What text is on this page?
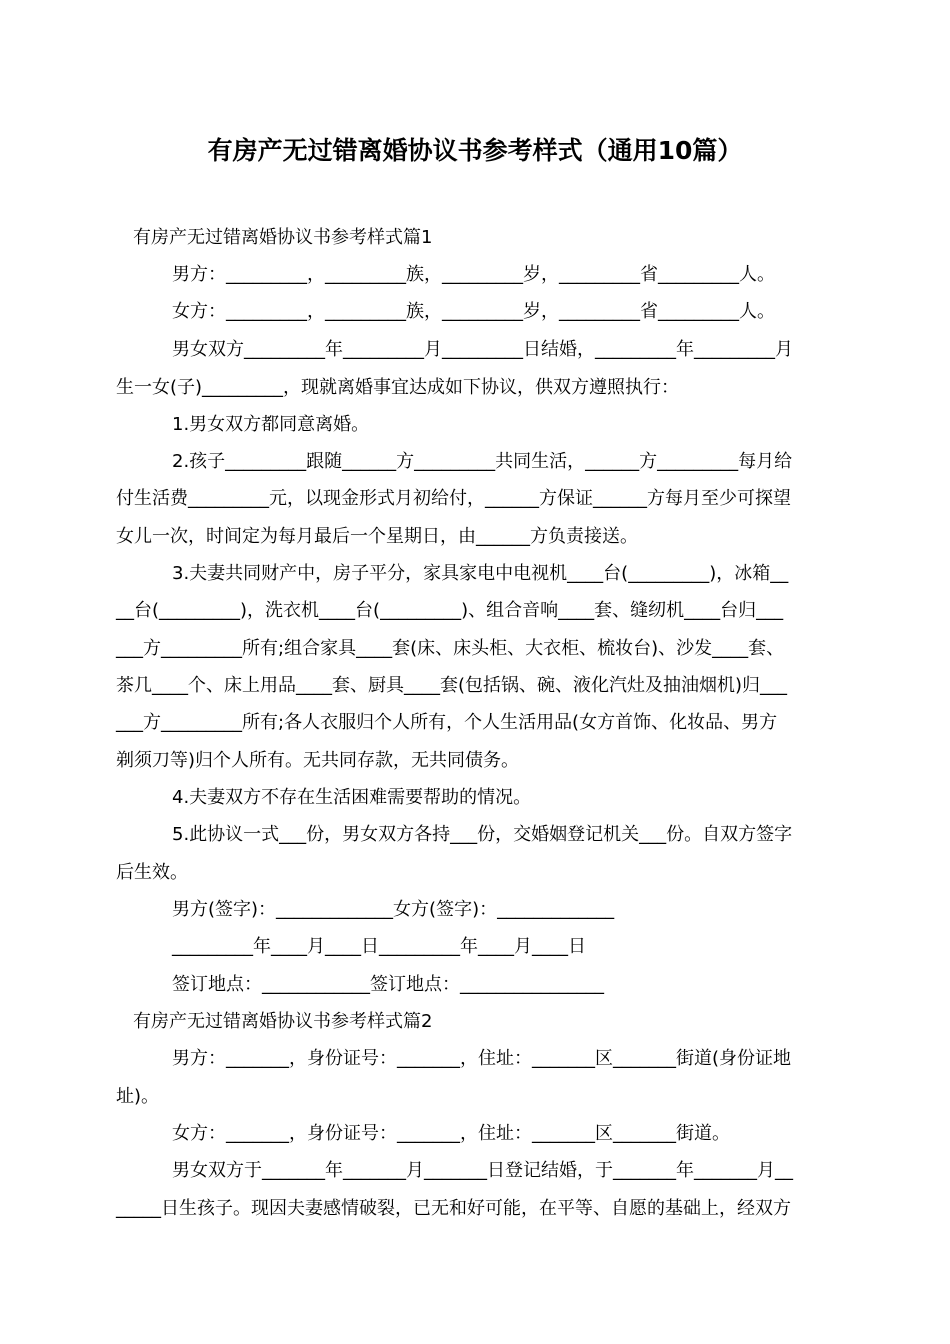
有房产无过错离婚协议书参考样式（通用10篇）
有房产无过错离婚协议书参考样式篇1
男方：_________，_________族，_________岁，_________省_________人。
女方：_________，_________族，_________岁，_________省_________人。
男女双方_________年_________月_________日结婚，_________年_________月
生一女(子)_________，现就离婚事宜达成如下协议，供双方遵照执行：
1.男女双方都同意离婚。
2.孩子_________跟随______方_________共同生活，______方_________每月给
付生活费_________元，以现金形式月初给付，______方保证______方每月至少可探望
女儿一次，时间定为每月最后一个星期日，由______方负责接送。
3.夫妻共同财产中，房子平分，家具家电中电视机____台(_________)，冰箱__
__台(_________)，洗衣机____台(_________)、组合音响____套、缝纫机____台归___
___方_________所有;组合家具____套(床、床头柜、大衣柜、梳妆台)、沙发____套、
茶几____个、床上用品____套、厨具____套(包括锅、碗、液化汽灶及抽油烟机)归___
___方_________所有;各人衣服归个人所有，个人生活用品(女方首饰、化妆品、男方
剃须刀等)归个人所有。无共同存款，无共同债务。
4.夫妻双方不存在生活困难需要帮助的情况。
5.此协议一式___份，男女双方各持___份，交婚姻登记机关___份。自双方签字
后生效。
男方(签字)：_____________女方(签字)：_____________
_________年____月____日_________年____月____日
签订地点：____________签订地点：________________
有房产无过错离婚协议书参考样式篇2
男方：_______，身份证号：_______，住址：_______区_______街道(身份证地
址)。
女方：_______，身份证号：_______，住址：_______区_______街道。
男女双方于_______年_______月_______日登记结婚，于_______年_______月__
_____日生孩子。现因夫妻感情破裂，已无和好可能，在平等、自愿的基础上，经双方
